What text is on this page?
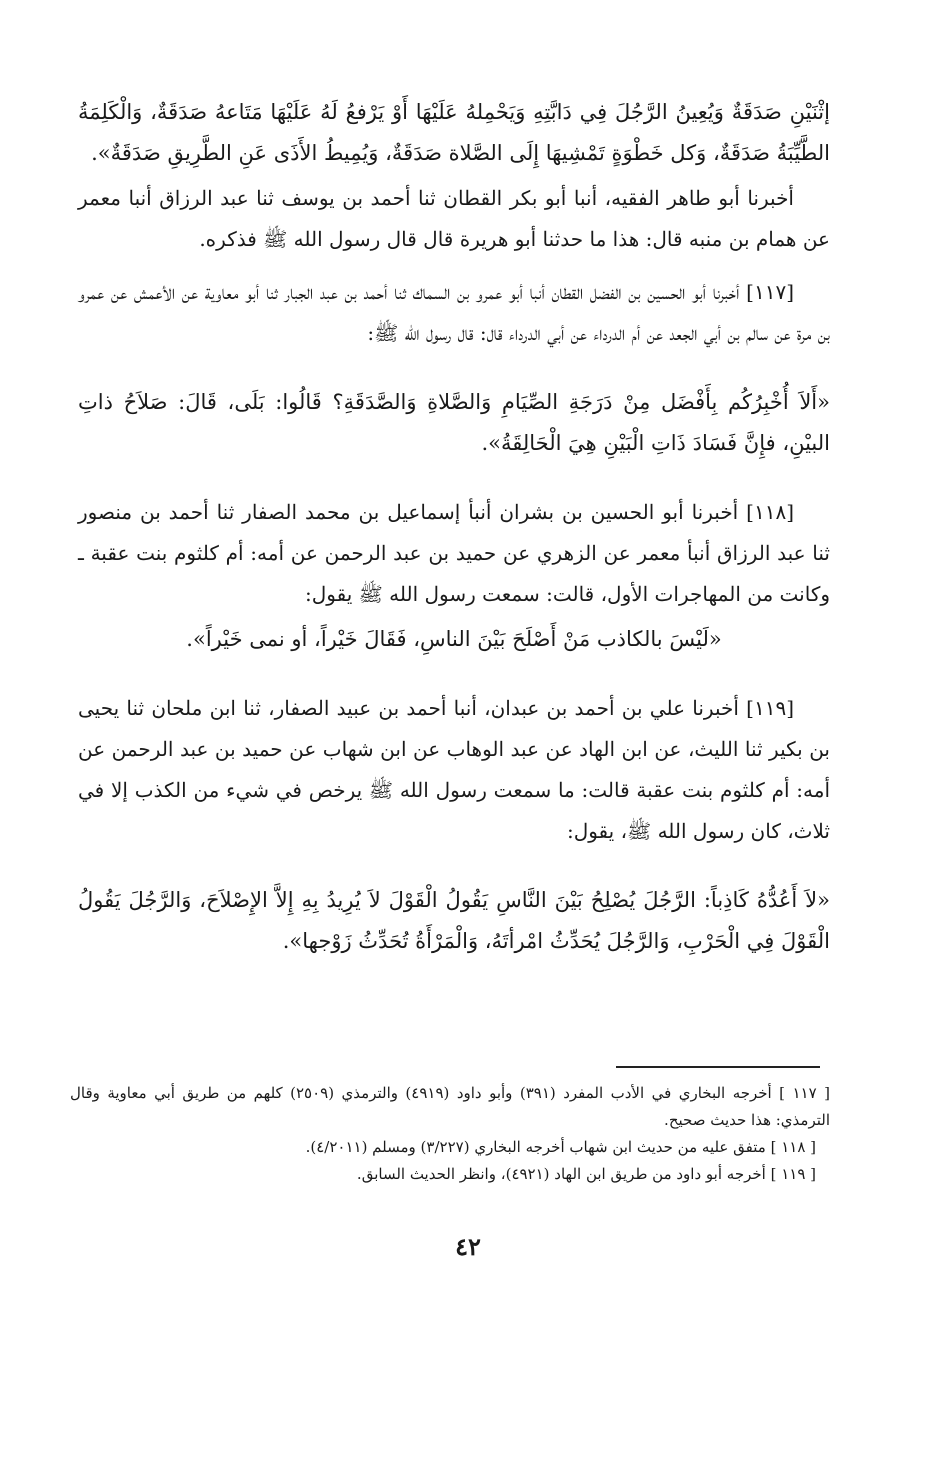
إثْنَيْنِ صَدَقَةٌ وَيُعِينُ الرَّجُلَ فِي دَابَّتِهِ وَيَحْمِلهُ عَلَيْهَا أَوْ يَرْفعُ لَهُ عَلَيْهَا مَتَاعهُ صَدَقَةٌ، وَالْكَلِمَةُ الطَّيِّبَةُ صَدَقَةٌ، وَكل خَطْوَةٍ تَمْشِيهَا إِلَى الصَّلاة صَدَقَةٌ، وَيُمِيطُ الأَذَى عَنِ الطَّرِيقِ صَدَقَةٌ».

أخبرنا أبو طاهر الفقيه، أنبا أبو بكر القطان ثنا أحمد بن يوسف ثنا عبد الرزاق أنبا معمر عن همام بن منبه قال: هذا ما حدثنا أبو هريرة قال قال رسول الله ﷺ فذكره.

[١١٧] أخبرنا أبو الحسين بن الفضل القطان أنبا أبو عمرو بن السماك ثنا أحمد بن عبد الجبار ثنا أبو معاوية عن الأعمش عن عمرو بن مرة عن سالم بن أبي الجعد عن أم الدرداء عن أبي الدرداء قال: قال رسول الله ﷺ:

«أَلاَ أُخْبِرُكُم بِأَفْضَل مِنْ دَرَجَةِ الصِّيَامِ وَالصَّلاةِ وَالصَّدَقَةِ؟ قَالُوا: بَلَى، قَالَ: صَلاَحُ ذاتِ البيْنِ، فإِنَّ فَسَادَ ذَاتِ الْبَيْنِ هِيَ الْحَالِقَةُ».

[١١٨] أخبرنا أبو الحسين بن بشران أنبأ إسماعيل بن محمد الصفار ثنا أحمد بن منصور ثنا عبد الرزاق أنبأ معمر عن الزهري عن حميد بن عبد الرحمن عن أمه: أم كلثوم بنت عقبة ـ وكانت من المهاجرات الأول، قالت: سمعت رسول الله ﷺ يقول:

«لَيْسَ بالكاذب مَنْ أَصْلَحَ بَيْنَ الناسِ، فَقَالَ خَيْراً، أو نمى خَيْراً».

[١١٩] أخبرنا علي بن أحمد بن عبدان، أنبا أحمد بن عبيد الصفار، ثنا ابن ملحان ثنا يحيى بن بكير ثنا الليث، عن ابن الهاد عن عبد الوهاب عن ابن شهاب عن حميد بن عبد الرحمن عن أمه: أم كلثوم بنت عقبة قالت: ما سمعت رسول الله ﷺ يرخص في شيء من الكذب إلا في ثلاث، كان رسول الله ﷺ، يقول:

«لاَ أَعُدُّهُ كَاذِباً: الرَّجُلَ يُصْلِحُ بَيْنَ النَّاسِ يَقُولُ الْقَوْلَ لاَ يُرِيدُ بِهِ إِلاَّ الإِصْلاَحَ، وَالرَّجُلَ يَقُولُ الْقَوْلَ فِي الْحَرْبِ، وَالرَّجُلَ يُحَدِّثُ امْرأتَهُ، وَالْمَرْأَةُ تُحَدِّثُ زَوْجها».

[ ١١٧ ] أخرجه البخاري في الأدب المفرد (٣٩١) وأبو داود (٤٩١٩) والترمذي (٢٥٠٩) كلهم من طريق أبي معاوية وقال الترمذي: هذا حديث صحيح.

[ ١١٨ ] متفق عليه من حديث ابن شهاب أخرجه البخاري (٣/٢٢٧) ومسلم (٤/٢٠١١).

[ ١١٩ ] أخرجه أبو داود من طريق ابن الهاد (٤٩٢١)، وانظر الحديث السابق.

٤٢
